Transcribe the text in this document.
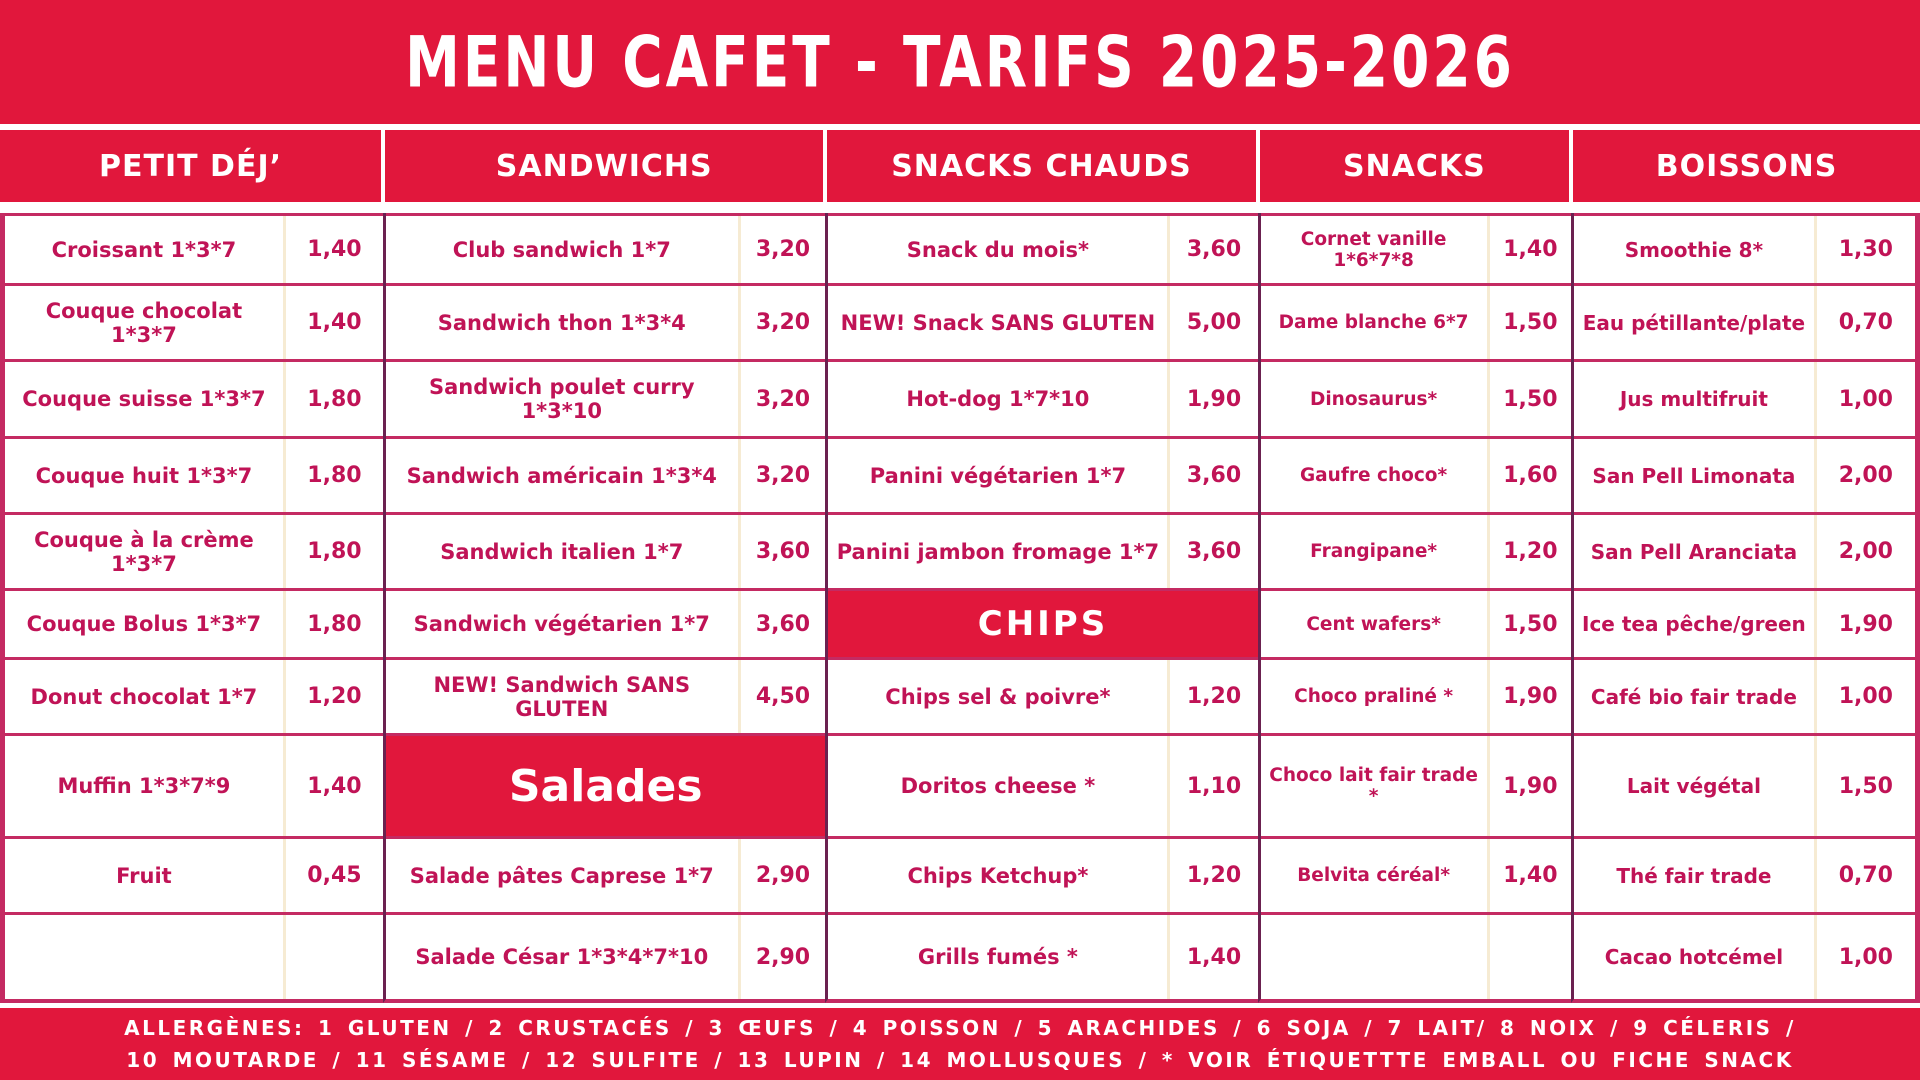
MENU CAFET - TARIFS 2025-2026
PETIT DÉJ’
Croissant 1*3*7	1,40
Couque chocolat 1*3*7	1,40
Couque suisse 1*3*7	1,80
Couque huit 1*3*7	1,80
Couque à la crème 1*3*7	1,80
Couque Bolus 1*3*7	1,80
Donut chocolat 1*7	1,20
Muffin 1*3*7*9	1,40
Fruit	0,45
SANDWICHS
Club sandwich 1*7	3,20
Sandwich thon 1*3*4	3,20
Sandwich poulet curry 1*3*10	3,20
Sandwich américain 1*3*4	3,20
Sandwich italien 1*7	3,60
Sandwich végétarien 1*7	3,60
NEW! Sandwich SANS GLUTEN	4,50
Salades
Salade pâtes Caprese 1*7	2,90
Salade César 1*3*4*7*10	2,90
SNACKS CHAUDS
Snack du mois*	3,60
NEW! Snack SANS GLUTEN	5,00
Hot-dog 1*7*10	1,90
Panini végétarien 1*7	3,60
Panini jambon fromage 1*7	3,60
CHIPS
Chips sel & poivre*	1,20
Doritos cheese *	1,10
Chips Ketchup*	1,20
Grills fumés *	1,40
SNACKS
Cornet vanille 1*6*7*8	1,40
Dame blanche 6*7	1,50
Dinosaurus*	1,50
Gaufre choco*	1,60
Frangipane*	1,20
Cent wafers*	1,50
Choco praliné *	1,90
Choco lait fair trade *	1,90
Belvita céréal*	1,40
BOISSONS
Smoothie 8*	1,30
Eau pétillante/plate	0,70
Jus multifruit	1,00
San Pell Limonata	2,00
San Pell Aranciata	2,00
Ice tea pêche/green	1,90
Café bio fair trade	1,00
Lait végétal	1,50
Thé fair trade	0,70
Cacao hotcémel	1,00
ALLERGÈNES: 1 GLUTEN / 2 CRUSTACÉS / 3 ŒUFS / 4 POISSON / 5 ARACHIDES / 6 SOJA / 7 LAIT/ 8 NOIX / 9 CÉLERIS /
10 MOUTARDE / 11 SÉSAME / 12 SULFITE / 13 LUPIN / 14 MOLLUSQUES / * VOIR ÉTIQUETTTE EMBALL OU FICHE SNACK
